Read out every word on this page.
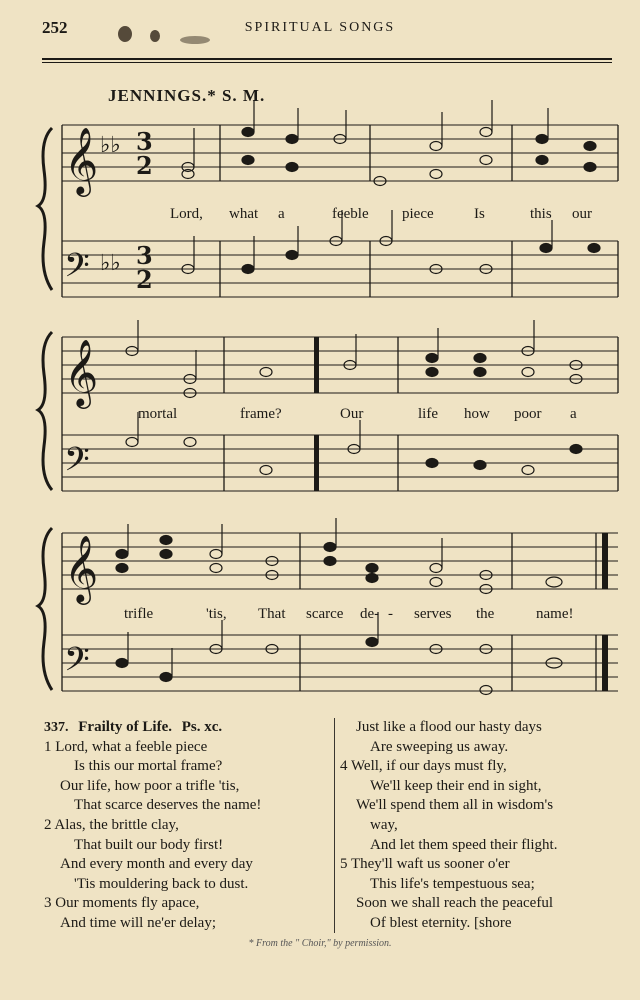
252	SPIRITUAL SONGS
JENNINGS.* S. M.
𝄞 ♭♭ 3
2
𝄢 ♭♭ 3
2
Lord, what a	feeble piece	Is	this our
𝄞
𝄢
mortal	frame?	Our	life how poor a
𝄞
𝄢
trifle	'tis, That scarce de- - serves the	name!
337. Frailty of Life. Ps. xc.
1 Lord, what a feeble piece
Is this our mortal frame?
Our life, how poor a trifle 'tis,
That scarce deserves the name!
2 Alas, the brittle clay,
That built our body first!
And every month and every day
'Tis mouldering back to dust.
3 Our moments fly apace,
And time will ne'er delay;
Just like a flood our hasty days
Are sweeping us away.
4 Well, if our days must fly,
We'll keep their end in sight,
We'll spend them all in wisdom's
way,
And let them speed their flight.
5 They'll waft us sooner o'er
This life's tempestuous sea;
Soon we shall reach the peaceful
Of blest eternity. [shore
* From the " Choir," by permission.
